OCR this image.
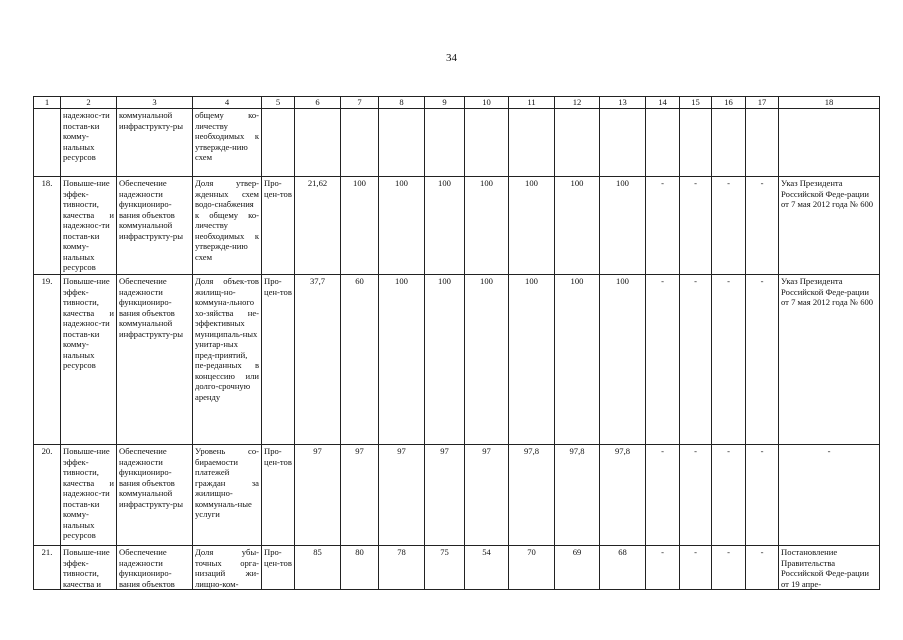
34
1	2	3	4	5	6	7	8	9	10	11	12	13	14	15	16	17	18
	надежнос-ти постав-ки комму-нальных ресурсов	коммунальной инфраструкту-ры	общему ко-личеству необходимых к утвержде-нию схем														
18.	Повыше-ние эффек-тивности, качества и надежнос-ти постав-ки комму-нальных ресурсов	Обеспечение надежности функциониро-вания объектов коммунальной инфраструкту-ры	Доля утвер-жденных схем водо-снабжения к общему ко-личеству необходимых к утвержде-нию схем	Про-цен-тов	21,62	100	100	100	100	100	100	100	-	-	-	-	Указ Президента Российской Феде-рации от 7 мая 2012 года № 600
19.	Повыше-ние эффек-тивности, качества и надежнос-ти постав-ки комму-нальных ресурсов	Обеспечение надежности функциониро-вания объектов коммунальной инфраструкту-ры	Доля объек-тов жилищ-но-коммуна-льного хо-зяйства не-эффективных муниципаль-ных унитар-ных пред-приятий, пе-реданных в концессию или долго-срочную аренду	Про-цен-тов	37,7	60	100	100	100	100	100	100	-	-	-	-	Указ Президента Российской Феде-рации от 7 мая 2012 года № 600
20.	Повыше-ние эффек-тивности, качества и надежнос-ти постав-ки комму-нальных ресурсов	Обеспечение надежности функциониро-вания объектов коммунальной инфраструкту-ры	Уровень со-бираемости платежей граждан за жилищно-коммуналь-ные услуги	Про-цен-тов	97	97	97	97	97	97,8	97,8	97,8	-	-	-	-	-
21.	Повыше-ние эффек-тивности, качества и	Обеспечение надежности функциониро-вания объектов	Доля убы-точных орга-низаций жи-лищно-ком-	Про-цен-тов	85	80	78	75	54	70	69	68	-	-	-	-	Постановление Правительства Российской Феде-рации от 19 апре-
